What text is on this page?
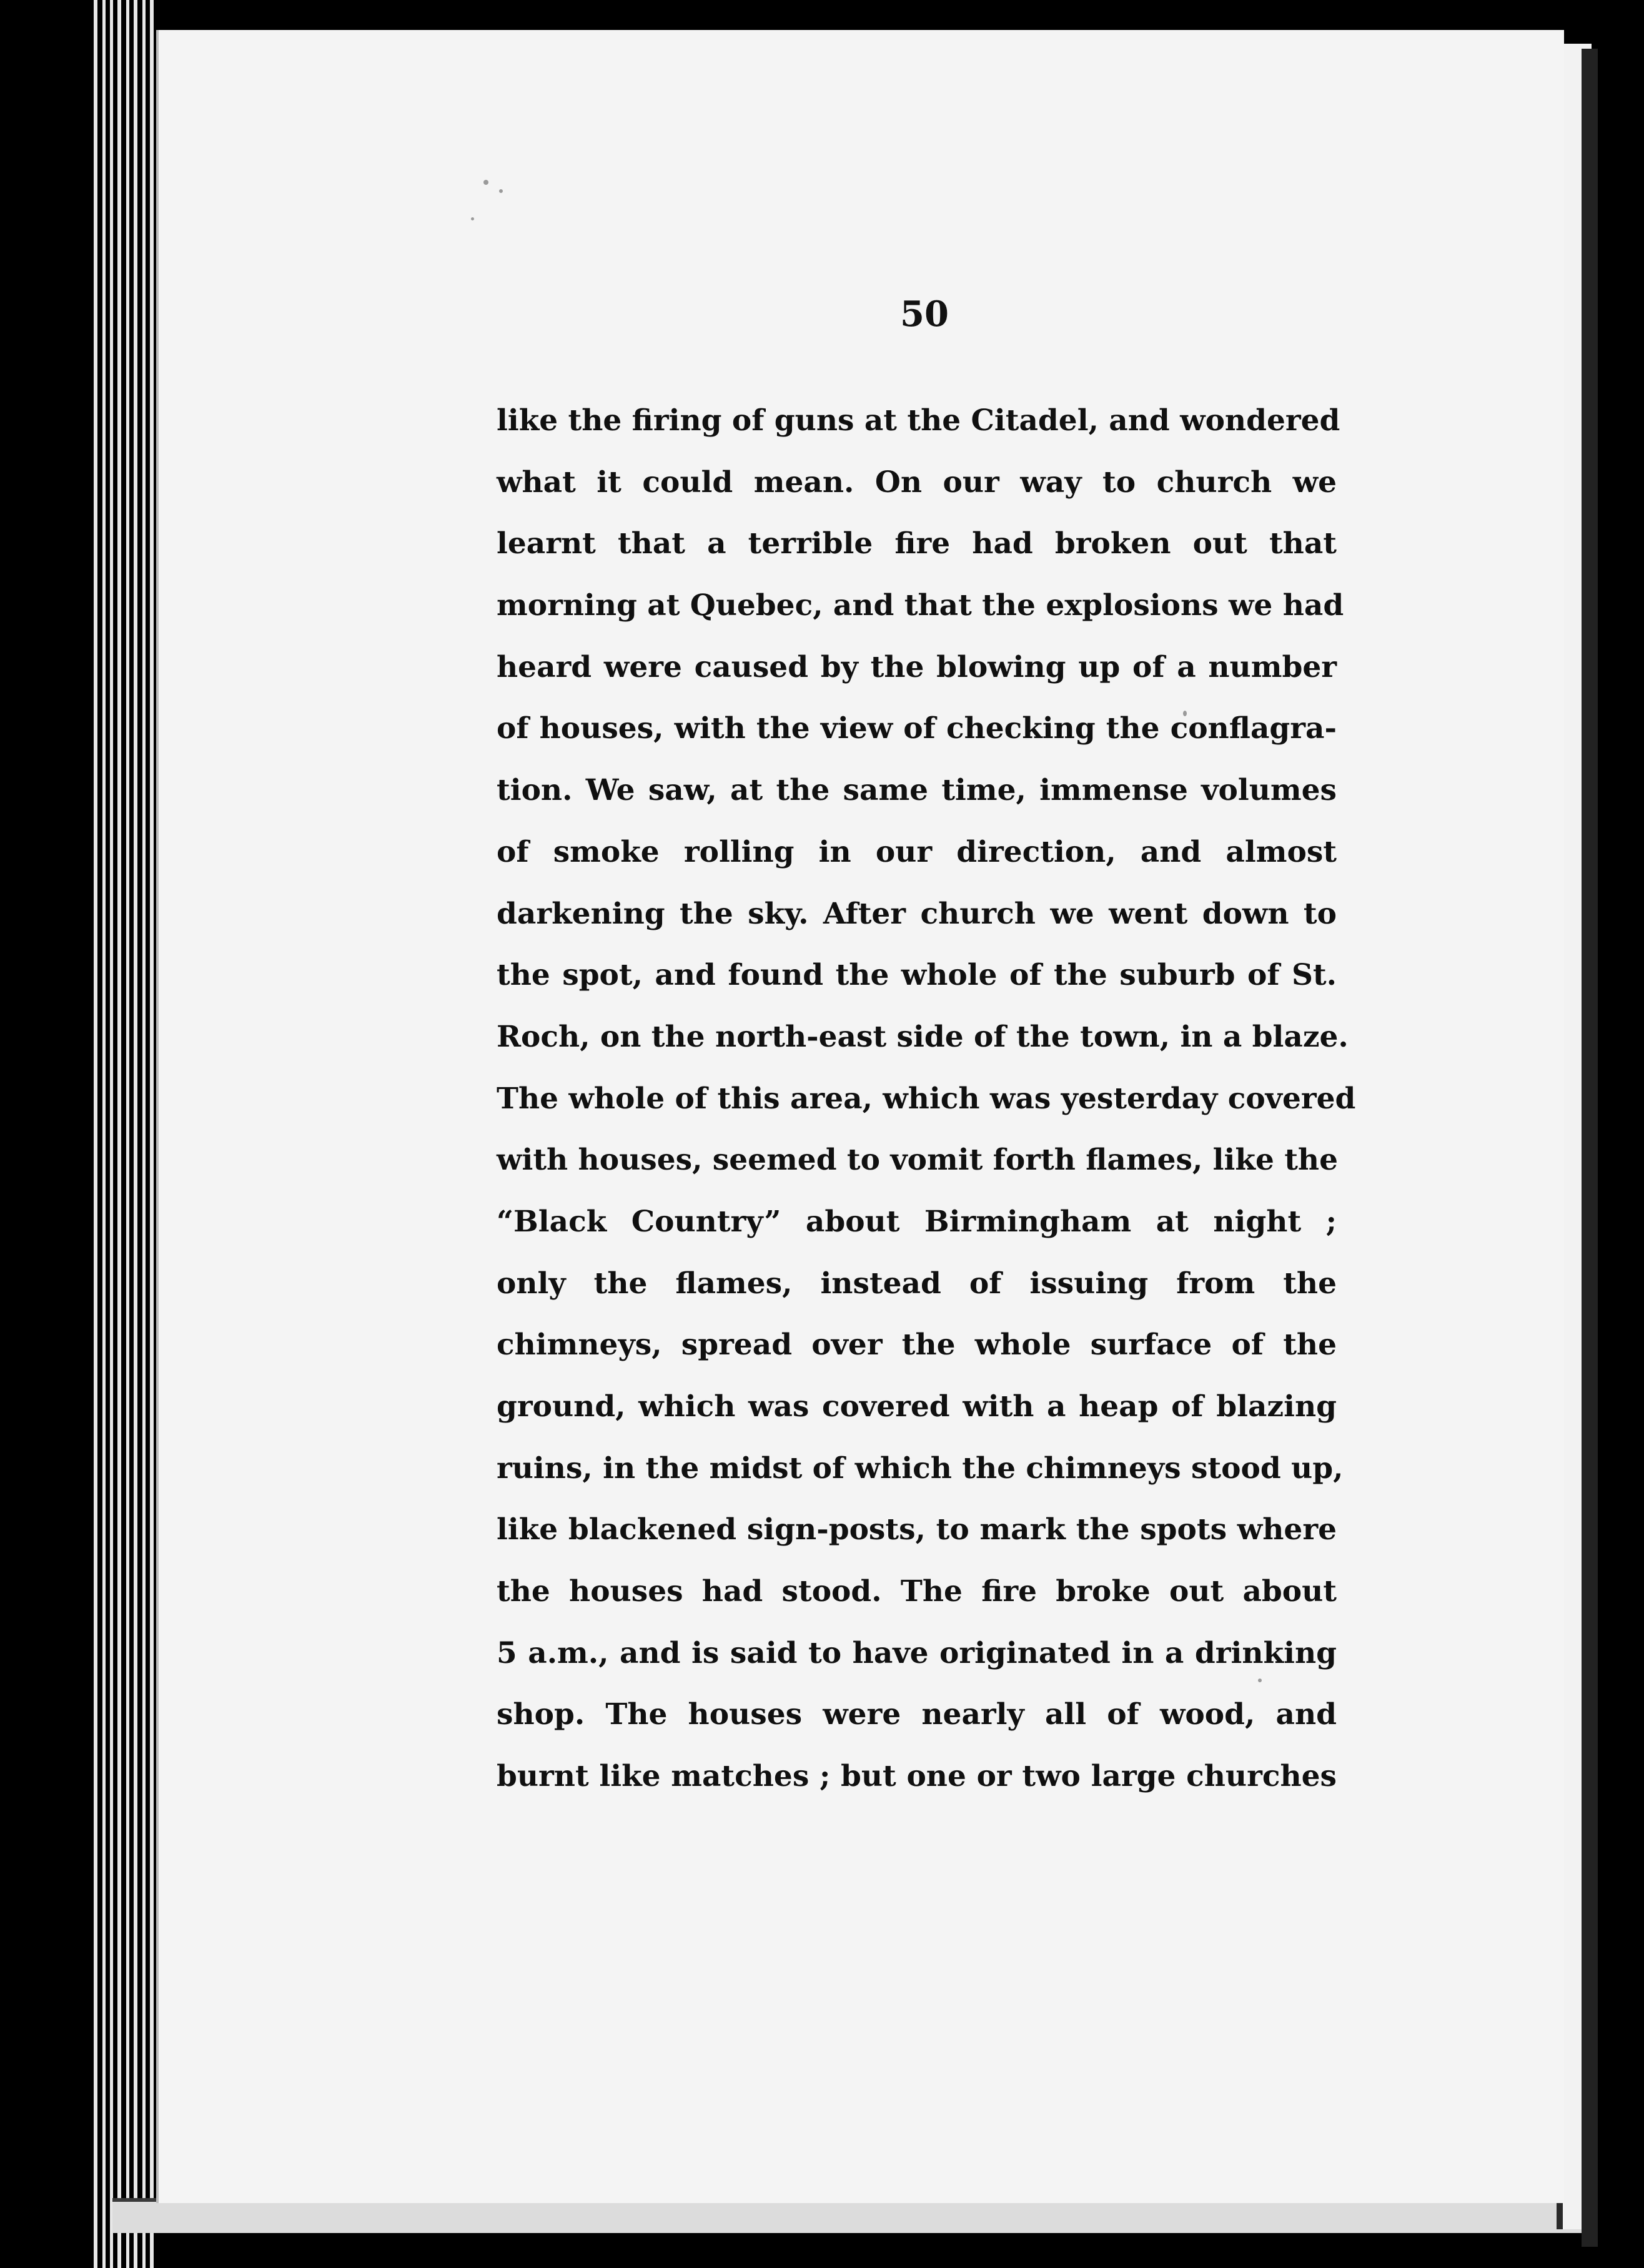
50
like the firing of guns at the Citadel, and wondered
what it could mean. On our way to church we
learnt that a terrible fire had broken out that
morning at Quebec, and that the explosions we had
heard were caused by the blowing up of a number
of houses, with the view of checking the conflagra-
tion. We saw, at the same time, immense volumes
of smoke rolling in our direction, and almost
darkening the sky. After church we went down to
the spot, and found the whole of the suburb of St.
Roch, on the north-east side of the town, in a blaze.
The whole of this area, which was yesterday covered
with houses, seemed to vomit forth flames, like the
“Black Country” about Birmingham at night ;
only the flames, instead of issuing from the
chimneys, spread over the whole surface of the
ground, which was covered with a heap of blazing
ruins, in the midst of which the chimneys stood up,
like blackened sign-posts, to mark the spots where
the houses had stood. The fire broke out about
5 a.m., and is said to have originated in a drinking
shop. The houses were nearly all of wood, and
burnt like matches ; but one or two large churches
